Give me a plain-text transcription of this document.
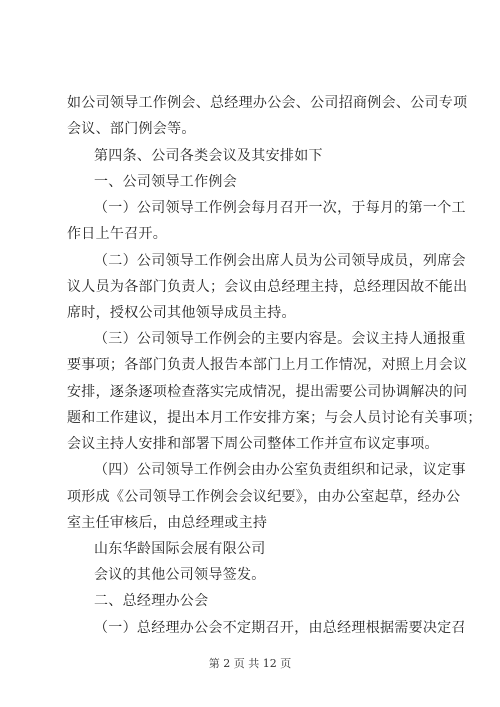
如公司领导工作例会、总经理办公会、公司招商例会、公司专项
会议、部门例会等。
第四条、公司各类会议及其安排如下
一、公司领导工作例会
（一）公司领导工作例会每月召开一次，于每月的第一个工
作日上午召开。
（二）公司领导工作例会出席人员为公司领导成员，列席会
议人员为各部门负责人；会议由总经理主持，总经理因故不能出
席时，授权公司其他领导成员主持。
（三）公司领导工作例会的主要内容是。会议主持人通报重
要事项；各部门负责人报告本部门上月工作情况，对照上月会议
安排，逐条逐项检查落实完成情况，提出需要公司协调解决的问
题和工作建议，提出本月工作安排方案；与会人员讨论有关事项；
会议主持人安排和部署下周公司整体工作并宣布议定事项。
（四）公司领导工作例会由办公室负责组织和记录，议定事
项形成《公司领导工作例会会议纪要》，由办公室起草，经办公
室主任审核后，由总经理或主持
山东华龄国际会展有限公司
会议的其他公司领导签发。
二、总经理办公会
（一）总经理办公会不定期召开，由总经理根据需要决定召
第 2 页 共 12 页
